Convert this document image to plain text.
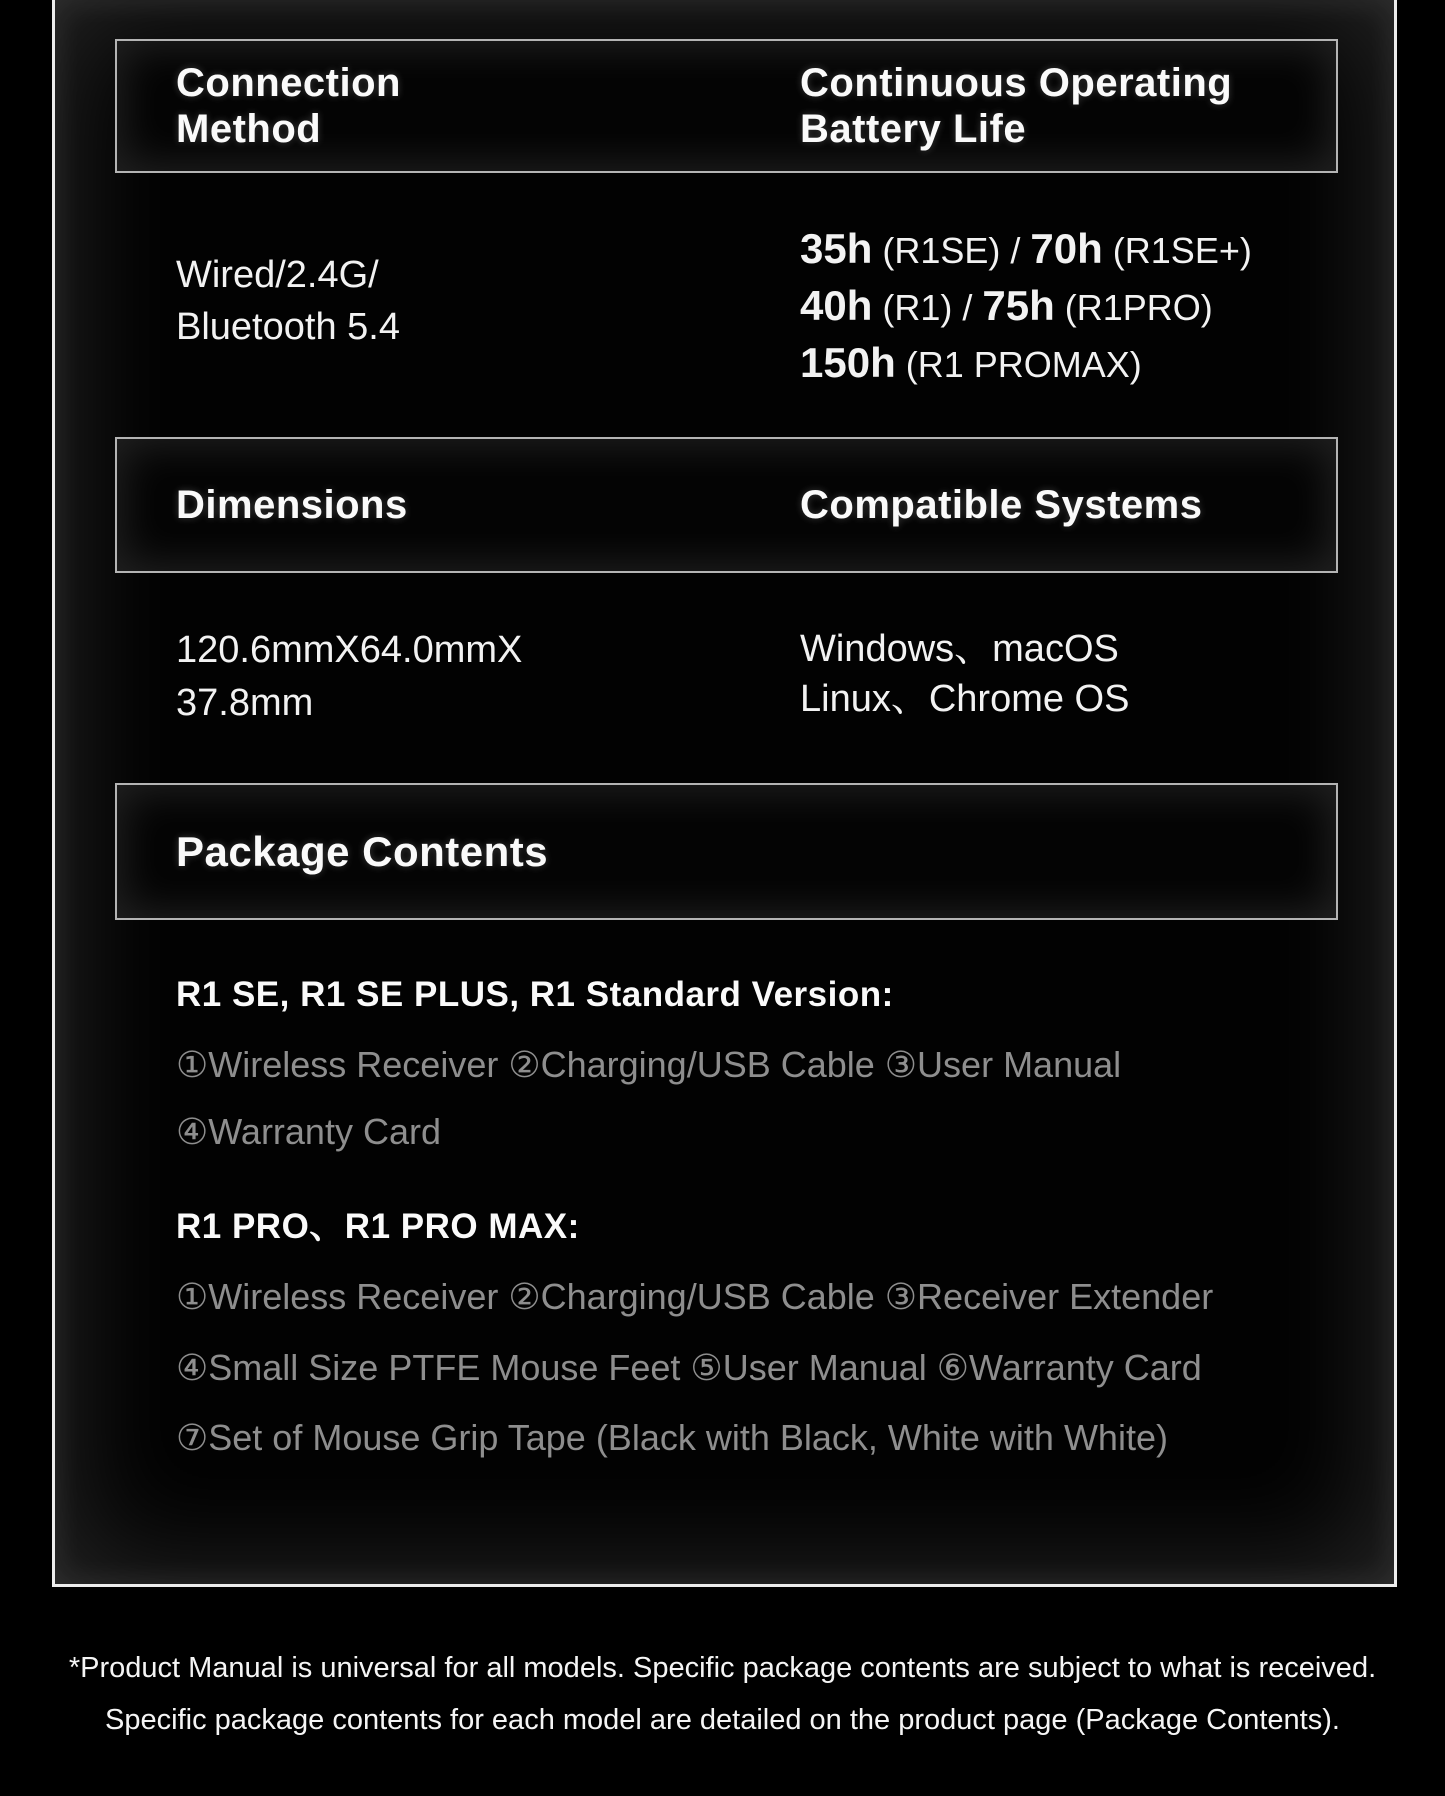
Connection
Method
Continuous Operating
Battery Life
Wired/2.4G/
Bluetooth 5.4
35h (R1SE) / 70h (R1SE+)
40h (R1) / 75h (R1PRO)
150h (R1 PROMAX)
Dimensions	Compatible Systems
120.6mmX64.0mmX
37.8mm
Windows、macOS
Linux、Chrome OS
Package Contents
R1 SE, R1 SE PLUS, R1 Standard Version:
①Wireless Receiver ②Charging/USB Cable ③User Manual
④Warranty Card
R1 PRO、R1 PRO MAX:
①Wireless Receiver ②Charging/USB Cable ③Receiver Extender
④Small Size PTFE Mouse Feet ⑤User Manual ⑥Warranty Card
⑦Set of Mouse Grip Tape (Black with Black, White with White)
*Product Manual is universal for all models. Specific package contents are subject to what is received.
Specific package contents for each model are detailed on the product page (Package Contents).
